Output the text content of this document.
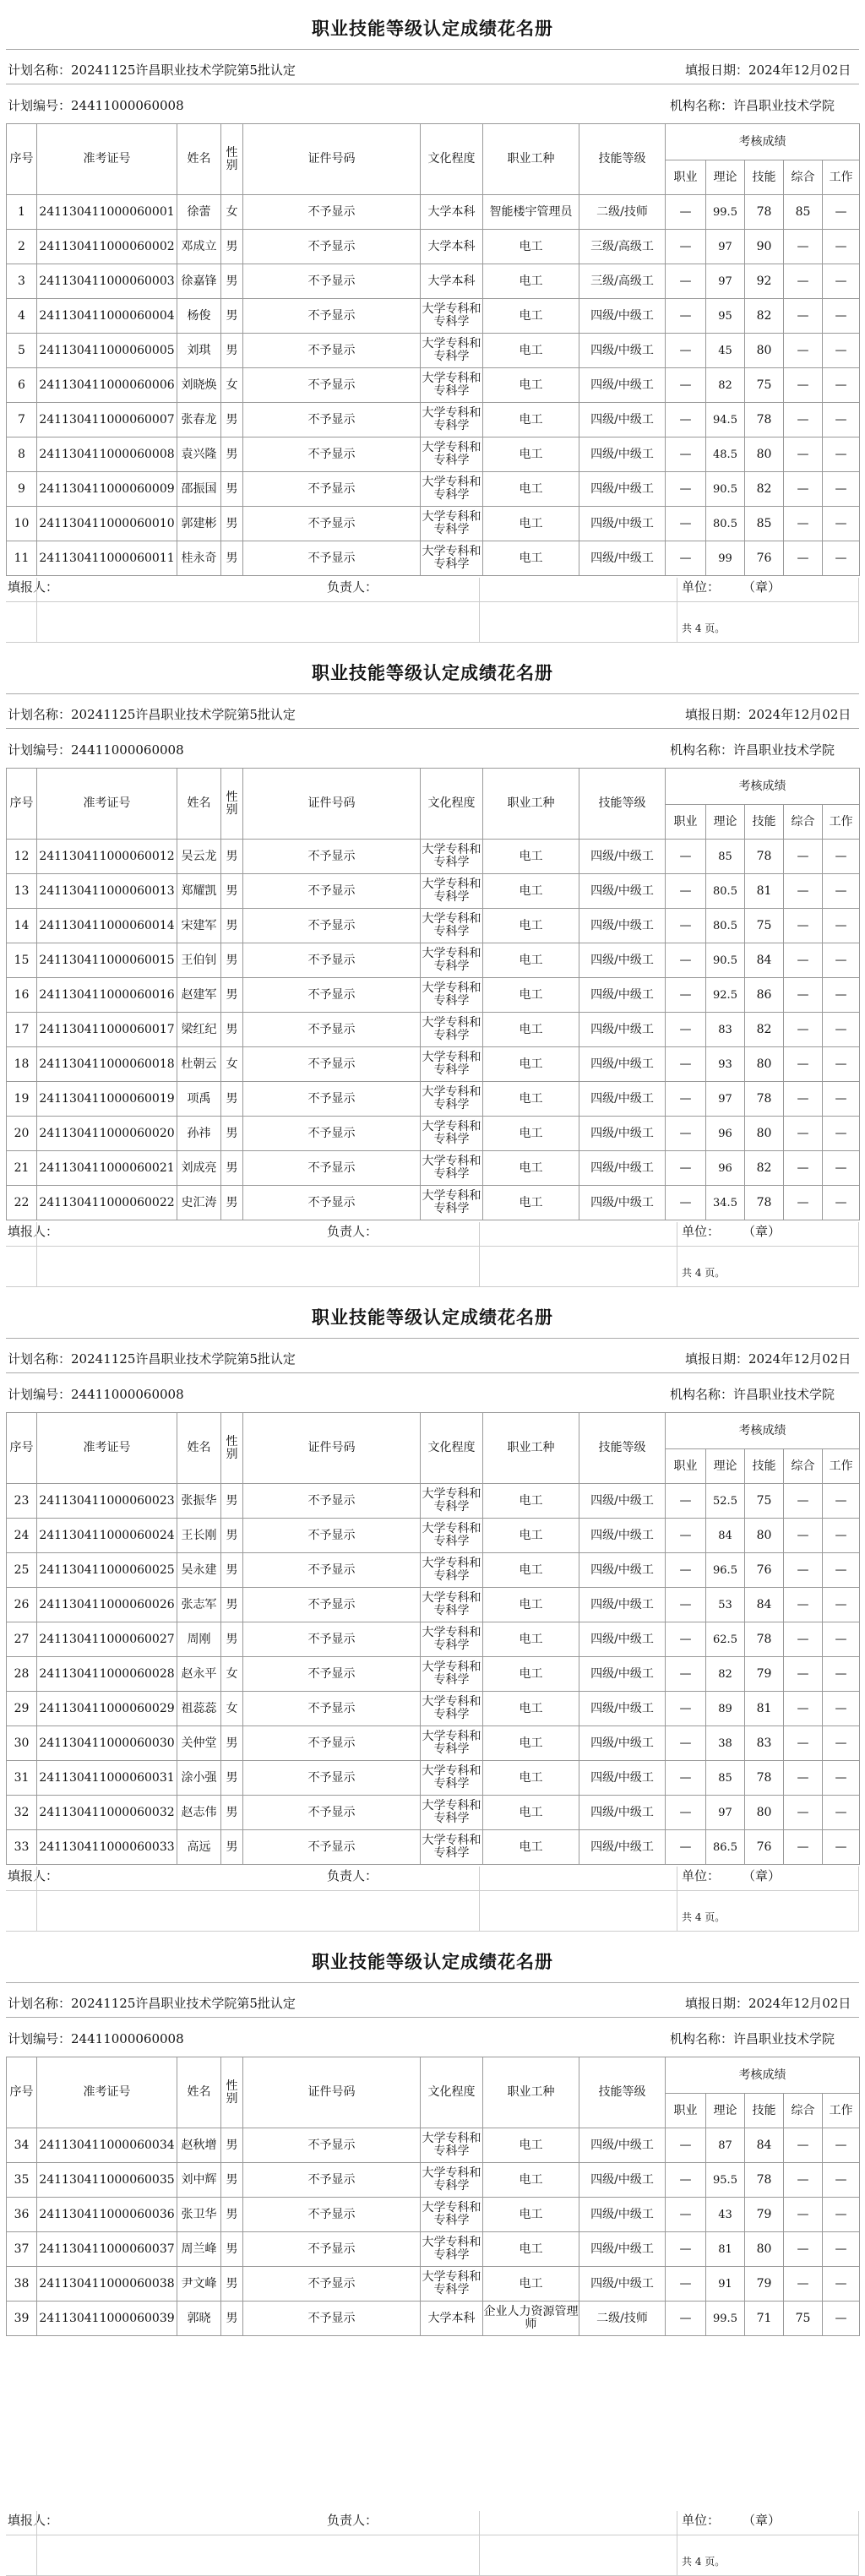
职业技能等级认定成绩花名册
计划名称：20241125许昌职业技术学院第5批认定	填报日期：2024年12月02日
计划编号：24411000060008	机构名称：许昌职业技术学院
序号	准考证号	姓名	性别	证件号码	文化程度	职业工种	技能等级	考核成绩				
								职业	理论	技能	综合	工作
1	241130411000060001	徐蕾	女	不予显示	大学本科	智能楼宇管理员	二级/技师	—	99.5	78	85	—
2	241130411000060002	邓成立	男	不予显示	大学本科	电工	三级/高级工	—	97	90	—	—
3	241130411000060003	徐嘉锋	男	不予显示	大学本科	电工	三级/高级工	—	97	92	—	—
4	241130411000060004	杨俊	男	不予显示	大学专科和专科学	电工	四级/中级工	—	95	82	—	—
5	241130411000060005	刘琪	男	不予显示	大学专科和专科学	电工	四级/中级工	—	45	80	—	—
6	241130411000060006	刘晓焕	女	不予显示	大学专科和专科学	电工	四级/中级工	—	82	75	—	—
7	241130411000060007	张春龙	男	不予显示	大学专科和专科学	电工	四级/中级工	—	94.5	78	—	—
8	241130411000060008	袁兴隆	男	不予显示	大学专科和专科学	电工	四级/中级工	—	48.5	80	—	—
9	241130411000060009	邵振国	男	不予显示	大学专科和专科学	电工	四级/中级工	—	90.5	82	—	—
10	241130411000060010	郭建彬	男	不予显示	大学专科和专科学	电工	四级/中级工	—	80.5	85	—	—
11	241130411000060011	桂永奇	男	不予显示	大学专科和专科学	电工	四级/中级工	—	99	76	—	—
填报人：	负责人：	单位： （章）
共 4 页。
职业技能等级认定成绩花名册
计划名称：20241125许昌职业技术学院第5批认定	填报日期：2024年12月02日
计划编号：24411000060008	机构名称：许昌职业技术学院
序号	准考证号	姓名	性别	证件号码	文化程度	职业工种	技能等级	考核成绩				
								职业	理论	技能	综合	工作
12	241130411000060012	吴云龙	男	不予显示	大学专科和专科学	电工	四级/中级工	—	85	78	—	—
13	241130411000060013	郑耀凯	男	不予显示	大学专科和专科学	电工	四级/中级工	—	80.5	81	—	—
14	241130411000060014	宋建军	男	不予显示	大学专科和专科学	电工	四级/中级工	—	80.5	75	—	—
15	241130411000060015	王伯钊	男	不予显示	大学专科和专科学	电工	四级/中级工	—	90.5	84	—	—
16	241130411000060016	赵建军	男	不予显示	大学专科和专科学	电工	四级/中级工	—	92.5	86	—	—
17	241130411000060017	梁红纪	男	不予显示	大学专科和专科学	电工	四级/中级工	—	83	82	—	—
18	241130411000060018	杜朝云	女	不予显示	大学专科和专科学	电工	四级/中级工	—	93	80	—	—
19	241130411000060019	项禹	男	不予显示	大学专科和专科学	电工	四级/中级工	—	97	78	—	—
20	241130411000060020	孙祎	男	不予显示	大学专科和专科学	电工	四级/中级工	—	96	80	—	—
21	241130411000060021	刘成亮	男	不予显示	大学专科和专科学	电工	四级/中级工	—	96	82	—	—
22	241130411000060022	史汇涛	男	不予显示	大学专科和专科学	电工	四级/中级工	—	34.5	78	—	—
填报人：	负责人：	单位： （章）
共 4 页。
职业技能等级认定成绩花名册
计划名称：20241125许昌职业技术学院第5批认定	填报日期：2024年12月02日
计划编号：24411000060008	机构名称：许昌职业技术学院
序号	准考证号	姓名	性别	证件号码	文化程度	职业工种	技能等级	考核成绩				
								职业	理论	技能	综合	工作
23	241130411000060023	张振华	男	不予显示	大学专科和专科学	电工	四级/中级工	—	52.5	75	—	—
24	241130411000060024	王长刚	男	不予显示	大学专科和专科学	电工	四级/中级工	—	84	80	—	—
25	241130411000060025	吴永建	男	不予显示	大学专科和专科学	电工	四级/中级工	—	96.5	76	—	—
26	241130411000060026	张志军	男	不予显示	大学专科和专科学	电工	四级/中级工	—	53	84	—	—
27	241130411000060027	周刚	男	不予显示	大学专科和专科学	电工	四级/中级工	—	62.5	78	—	—
28	241130411000060028	赵永平	女	不予显示	大学专科和专科学	电工	四级/中级工	—	82	79	—	—
29	241130411000060029	祖蕊蕊	女	不予显示	大学专科和专科学	电工	四级/中级工	—	89	81	—	—
30	241130411000060030	关仲堂	男	不予显示	大学专科和专科学	电工	四级/中级工	—	38	83	—	—
31	241130411000060031	涂小强	男	不予显示	大学专科和专科学	电工	四级/中级工	—	85	78	—	—
32	241130411000060032	赵志伟	男	不予显示	大学专科和专科学	电工	四级/中级工	—	97	80	—	—
33	241130411000060033	高远	男	不予显示	大学专科和专科学	电工	四级/中级工	—	86.5	76	—	—
填报人：	负责人：	单位： （章）
共 4 页。
职业技能等级认定成绩花名册
计划名称：20241125许昌职业技术学院第5批认定	填报日期：2024年12月02日
计划编号：24411000060008	机构名称：许昌职业技术学院
序号	准考证号	姓名	性别	证件号码	文化程度	职业工种	技能等级	考核成绩				
								职业	理论	技能	综合	工作
34	241130411000060034	赵秋增	男	不予显示	大学专科和专科学	电工	四级/中级工	—	87	84	—	—
35	241130411000060035	刘中辉	男	不予显示	大学专科和专科学	电工	四级/中级工	—	95.5	78	—	—
36	241130411000060036	张卫华	男	不予显示	大学专科和专科学	电工	四级/中级工	—	43	79	—	—
37	241130411000060037	周兰峰	男	不予显示	大学专科和专科学	电工	四级/中级工	—	81	80	—	—
38	241130411000060038	尹文峰	男	不予显示	大学专科和专科学	电工	四级/中级工	—	91	79	—	—
39	241130411000060039	郭晓	男	不予显示	大学本科	企业人力资源管理师	二级/技师	—	99.5	71	75	—
填报人：	负责人：	单位： （章）
共 4 页。
